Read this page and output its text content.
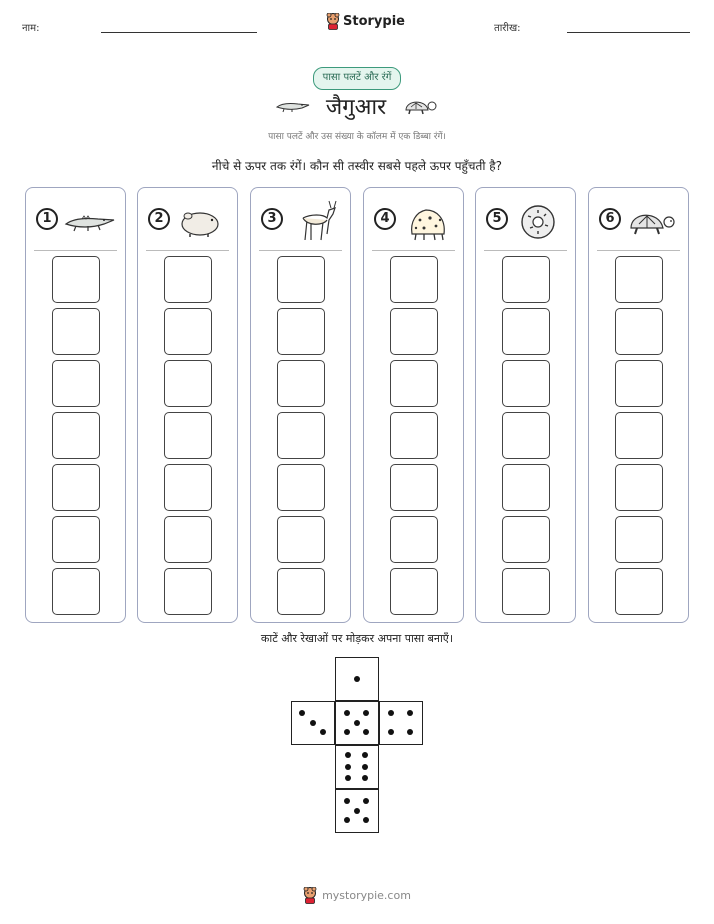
नाम:	Storypie	तारीख:
पासा पलटें और रंगें
जैगुआर
पासा पलटें और उस संख्या के कॉलम में एक डिब्बा रंगें।
नीचे से ऊपर तक रंगें। कौन सी तस्वीर सबसे पहले ऊपर पहुँचती है?
1	2	3	4	5	6
काटें और रेखाओं पर मोड़कर अपना पासा बनाएँ।
mystorypie.com
